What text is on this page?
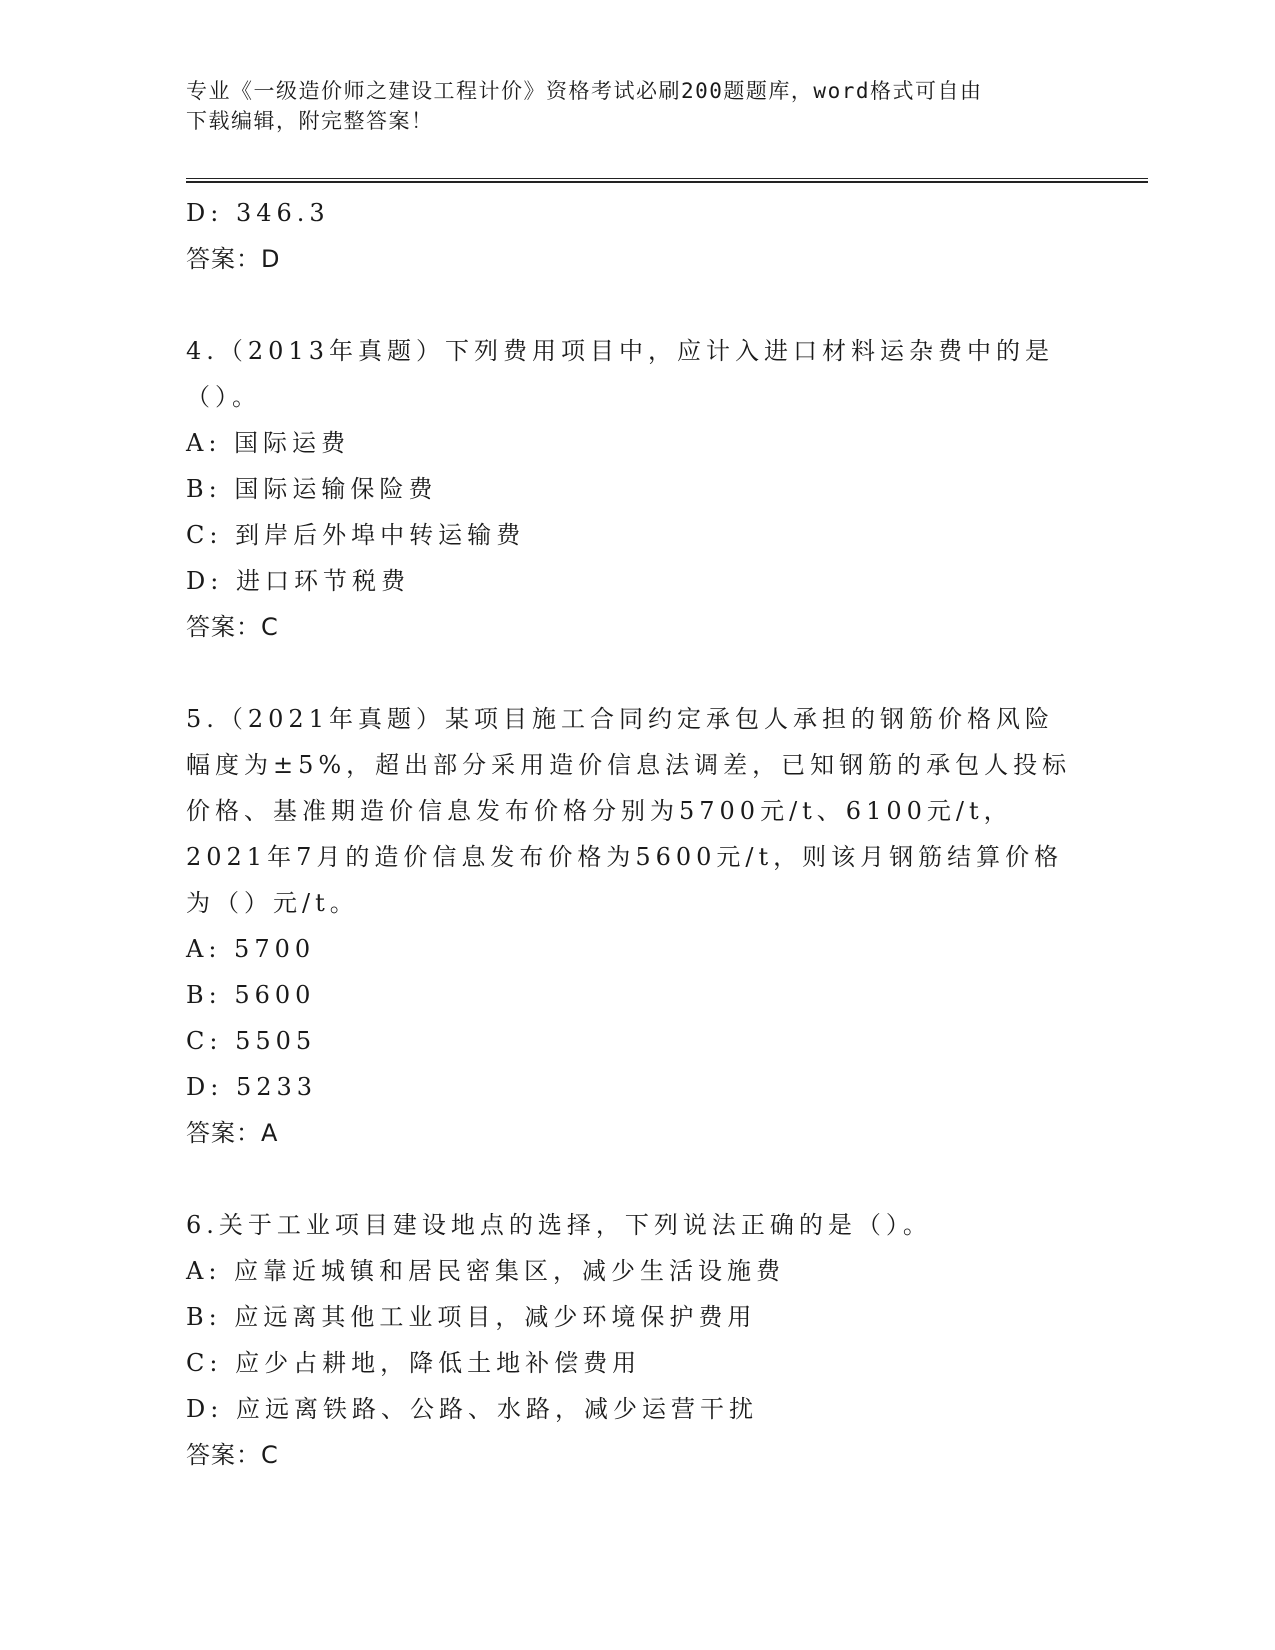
专业《一级造价师之建设工程计价》资格考试必刷200题题库，word格式可自由
下载编辑，附完整答案！
D: 346.3
答案：D
4.（2013年真题）下列费用项目中，应计入进口材料运杂费中的是（）。
A: 国际运费
B: 国际运输保险费
C: 到岸后外埠中转运输费
D: 进口环节税费
答案：C
5.（2021年真题）某项目施工合同约定承包人承担的钢筋价格风险幅度为±5%，超出部分采用造价信息法调差，已知钢筋的承包人投标价格、基准期造价信息发布价格分别为5700元/t、6100元/t，2021年7月的造价信息发布价格为5600元/t，则该月钢筋结算价格为（）元/t。
A: 5700
B: 5600
C: 5505
D: 5233
答案：A
6.关于工业项目建设地点的选择，下列说法正确的是（）。
A: 应靠近城镇和居民密集区，减少生活设施费
B: 应远离其他工业项目，减少环境保护费用
C: 应少占耕地，降低土地补偿费用
D: 应远离铁路、公路、水路，减少运营干扰
答案：C
